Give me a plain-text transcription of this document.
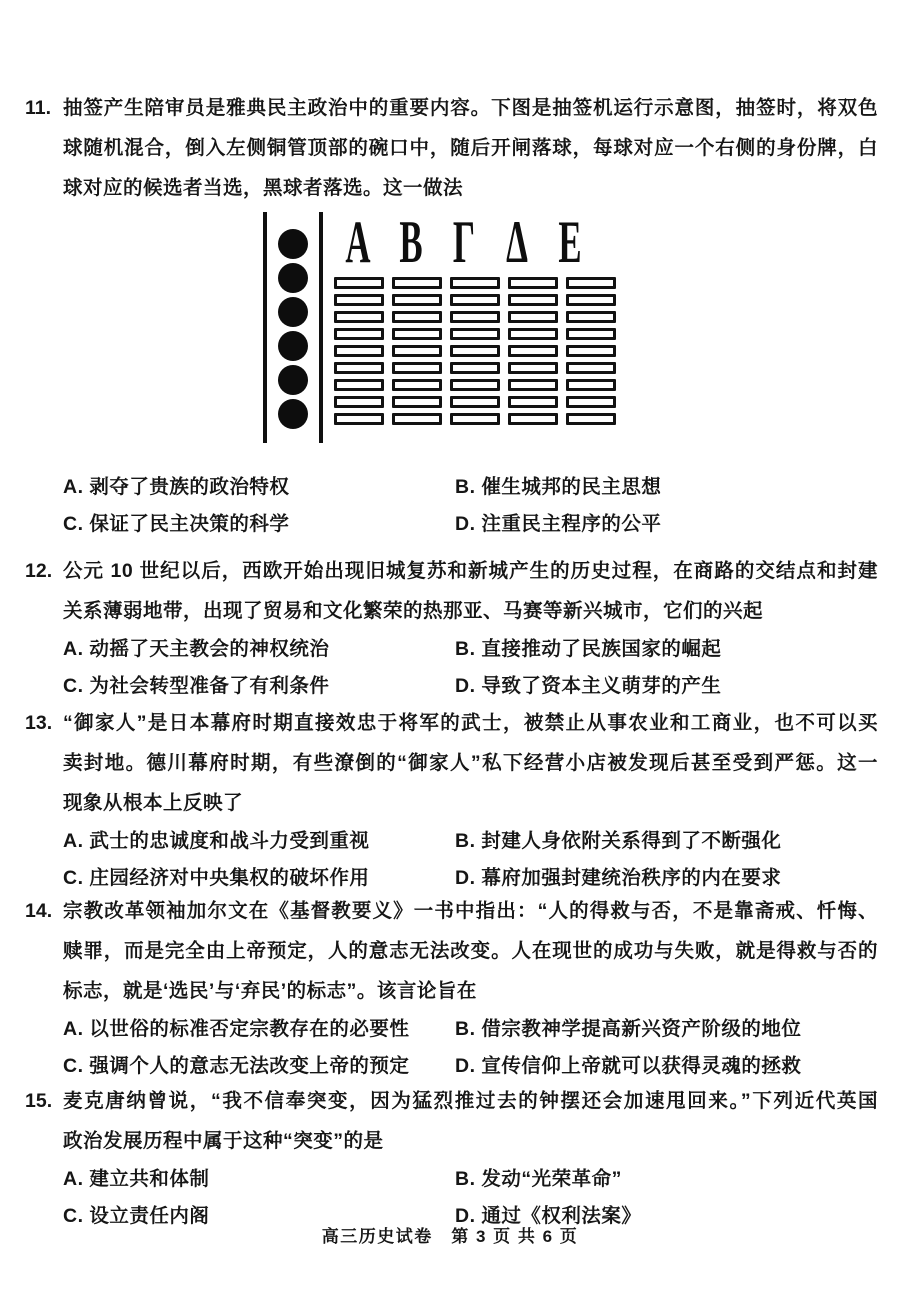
11. 抽签产生陪审员是雅典民主政治中的重要内容。下图是抽签机运行示意图，抽签时，将双色
球随机混合，倒入左侧铜管顶部的碗口中，随后开闸落球，每球对应一个右侧的身份牌，白
球对应的候选者当选，黑球者落选。这一做法
Α Β Γ Δ Ε
A. 剥夺了贵族的政治特权	B. 催生城邦的民主思想
C. 保证了民主决策的科学	D. 注重民主程序的公平
12. 公元 10 世纪以后，西欧开始出现旧城复苏和新城产生的历史过程，在商路的交结点和封建
关系薄弱地带，出现了贸易和文化繁荣的热那亚、马赛等新兴城市，它们的兴起
A. 动摇了天主教会的神权统治	B. 直接推动了民族国家的崛起
C. 为社会转型准备了有利条件	D. 导致了资本主义萌芽的产生
13. “御家人”是日本幕府时期直接效忠于将军的武士，被禁止从事农业和工商业，也不可以买
卖封地。德川幕府时期，有些潦倒的“御家人”私下经营小店被发现后甚至受到严惩。这一
现象从根本上反映了
A. 武士的忠诚度和战斗力受到重视	B. 封建人身依附关系得到了不断强化
C. 庄园经济对中央集权的破坏作用	D. 幕府加强封建统治秩序的内在要求
14. 宗教改革领袖加尔文在《基督教要义》一书中指出：“人的得救与否，不是靠斋戒、忏悔、
赎罪，而是完全由上帝预定，人的意志无法改变。人在现世的成功与失败，就是得救与否的
标志，就是‘选民’与‘弃民’的标志”。该言论旨在
A. 以世俗的标准否定宗教存在的必要性	B. 借宗教神学提高新兴资产阶级的地位
C. 强调个人的意志无法改变上帝的预定	D. 宣传信仰上帝就可以获得灵魂的拯救
15. 麦克唐纳曾说，“我不信奉突变，因为猛烈推过去的钟摆还会加速甩回来。”下列近代英国
政治发展历程中属于这种“突变”的是
A. 建立共和体制	B. 发动“光荣革命”
C. 设立责任内阁	D. 通过《权利法案》
高三历史试卷　第 3 页 共 6 页
